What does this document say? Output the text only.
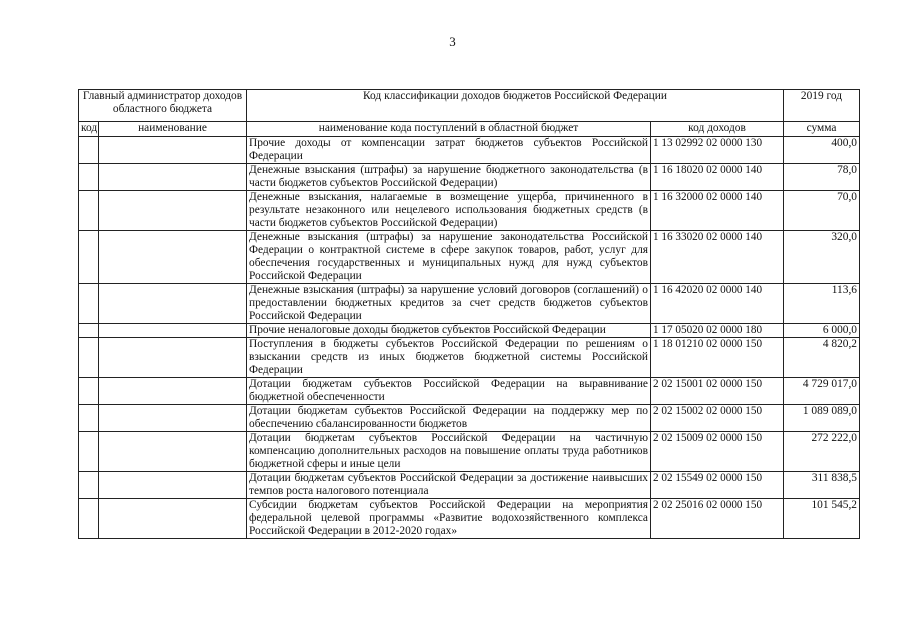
3
Главный администратор доходов областного бюджета		Код классификации доходов бюджетов Российской Федерации		2019 год
код	наименование	наименование кода поступлений в областной бюджет	код доходов	сумма
		Прочие доходы от компенсации затрат бюджетов субъектов Российской Федерации	1 13 02992 02 0000 130	400,0
		Денежные взыскания (штрафы) за нарушение бюджетного законодательства (в части бюджетов субъектов Российской Федерации)	1 16 18020 02 0000 140	78,0
		Денежные взыскания, налагаемые в возмещение ущерба, причиненного в результате незаконного или нецелевого использования бюджетных средств (в части бюджетов субъектов Российской Федерации)	1 16 32000 02 0000 140	70,0
		Денежные взыскания (штрафы) за нарушение законодательства Российской Федерации о контрактной системе в сфере закупок товаров, работ, услуг для обеспечения государственных и муниципальных нужд для нужд субъектов Российской Федерации	1 16 33020 02 0000 140	320,0
		Денежные взыскания (штрафы) за нарушение условий договоров (соглашений) о предоставлении бюджетных кредитов за счет средств бюджетов субъектов Российской Федерации	1 16 42020 02 0000 140	113,6
		Прочие неналоговые доходы бюджетов субъектов Российской Федерации	1 17 05020 02 0000 180	6 000,0
		Поступления в бюджеты субъектов Российской Федерации по решениям о взыскании средств из иных бюджетов бюджетной системы Российской Федерации	1 18 01210 02 0000 150	4 820,2
		Дотации бюджетам субъектов Российской Федерации на выравнивание бюджетной обеспеченности	2 02 15001 02 0000 150	4 729 017,0
		Дотации бюджетам субъектов Российской Федерации на поддержку мер по обеспечению сбалансированности бюджетов	2 02 15002 02 0000 150	1 089 089,0
		Дотации бюджетам субъектов Российской Федерации на частичную компенсацию дополнительных расходов на повышение оплаты труда работников бюджетной сферы и иные цели	2 02 15009 02 0000 150	272 222,0
		Дотации бюджетам субъектов Российской Федерации за достижение наивысших темпов роста налогового потенциала	2 02 15549 02 0000 150	311 838,5
		Субсидии бюджетам субъектов Российской Федерации на мероприятия федеральной целевой программы «Развитие водохозяйственного комплекса Российской Федерации в 2012-2020 годах»	2 02 25016 02 0000 150	101 545,2
